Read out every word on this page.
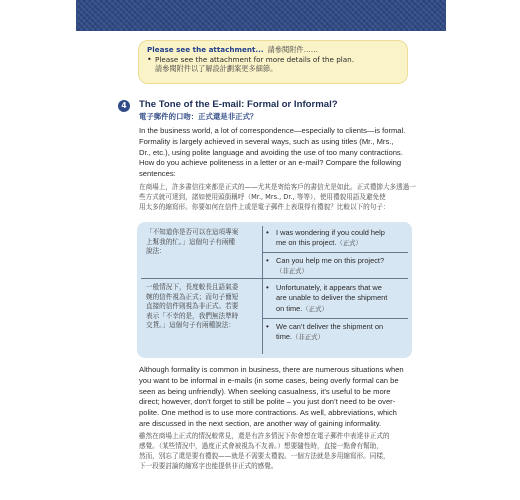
Please see the attachment... 請參閱附件……
• Please see the attachment for more details of the plan.
請參閱附件以了解設計劃案更多細節。
4	The Tone of the E-mail: Formal or Informal?
電子郵件的口吻：正式還是非正式？
In the business world, a lot of correspondence—especially to clients—is formal.
Formality is largely achieved in several ways, such as using titles (Mr., Mrs.,
Dr., etc.), using polite language and avoiding the use of too many contractions.
How do you achieve politeness in a letter or an e-mail? Compare the following
sentences:
在商場上，許多書信往來都是正式的——尤其是寄給客戶的書信尤是如此。正式禮節大多透過一
些方式就可達到，諸如使用頭銜稱呼（Mr., Mrs., Dr., 等等）、使用禮貌用語及避免使
用太多的縮寫形。你要如何在信件上或是電子郵件上表現得有禮貌？比較以下的句子：
「不知道你是否可以在這項專案
上幫我的忙。」這個句子有兩種
說法：
• I was wondering if you could help
me on this project.（正式）
• Can you help me on this project?
（非正式）
一般情況下，長度較長且語氣委
婉的信件視為正式；而句子簡短
直接的信件則視為非正式。若要
表示「不幸的是，我們無法準時
交貨。」這個句子有兩種說法：
• Unfortunately, it appears that we
are unable to deliver the shipment
on time.（正式）
• We can’t deliver the shipment on
time.（非正式）
Although formality is common in business, there are numerous situations when
you want to be informal in e-mails (in some cases, being overly formal can be
seen as being unfriendly). When seeking casualness, it’s useful to be more
direct; however, don’t forget to still be polite – you just don’t need to be over-
polite. One method is to use more contractions. As well, abbreviations, which
are discussed in the next section, are another way of gaining informality.
雖然在商場上正式的情況較常見，還是有許多情況下你會想在電子郵件中表達非正式的
感覺。（某些情況中，過度正式會被視為不友善。）想要隨性時，直接一點會有幫助，
然而，別忘了還是要有禮貌——就是不需要太禮貌。一個方法就是多用縮寫形。同樣，
下一段要討論的縮寫字也能提供非正式的感覺。
